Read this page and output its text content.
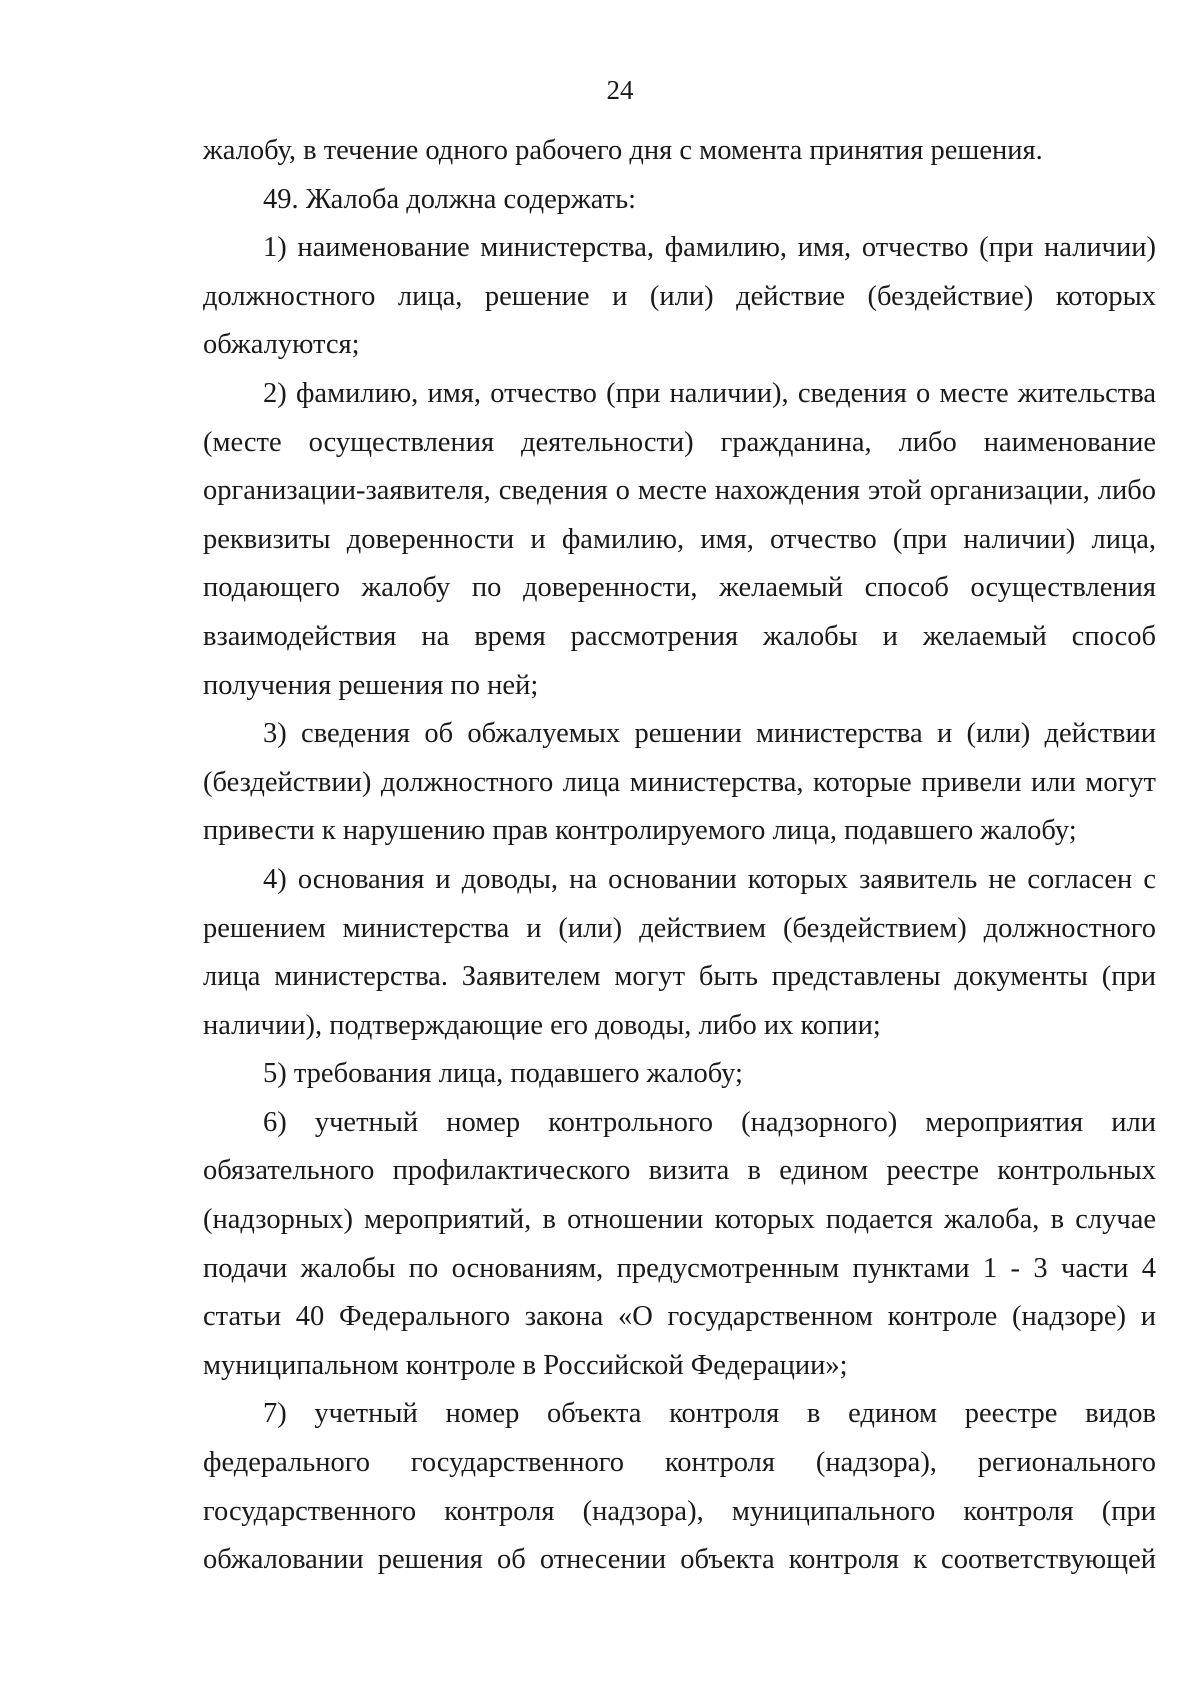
24

жалобу, в течение одного рабочего дня с момента принятия решения.

49. Жалоба должна содержать:

1) наименование министерства, фамилию, имя, отчество (при наличии) должностного лица, решение и (или) действие (бездействие) которых обжалуются;

2) фамилию, имя, отчество (при наличии), сведения о месте жительства (месте осуществления деятельности) гражданина, либо наименование организации-заявителя, сведения о месте нахождения этой организации, либо реквизиты доверенности и фамилию, имя, отчество (при наличии) лица, подающего жалобу по доверенности, желаемый способ осуществления взаимодействия на время рассмотрения жалобы и желаемый способ получения решения по ней;

3) сведения об обжалуемых решении министерства и (или) действии (бездействии) должностного лица министерства, которые привели или могут привести к нарушению прав контролируемого лица, подавшего жалобу;

4) основания и доводы, на основании которых заявитель не согласен с решением министерства и (или) действием (бездействием) должностного лица министерства. Заявителем могут быть представлены документы (при наличии), подтверждающие его доводы, либо их копии;

5) требования лица, подавшего жалобу;

6) учетный номер контрольного (надзорного) мероприятия или обязательного профилактического визита в едином реестре контрольных (надзорных) мероприятий, в отношении которых подается жалоба, в случае подачи жалобы по основаниям, предусмотренным пунктами 1 - 3 части 4 статьи 40 Федерального закона «О государственном контроле (надзоре) и муниципальном контроле в Российской Федерации»;

7) учетный номер объекта контроля в едином реестре видов федерального государственного контроля (надзора), регионального государственного контроля (надзора), муниципального контроля (при обжаловании решения об отнесении объекта контроля к соответствующей
